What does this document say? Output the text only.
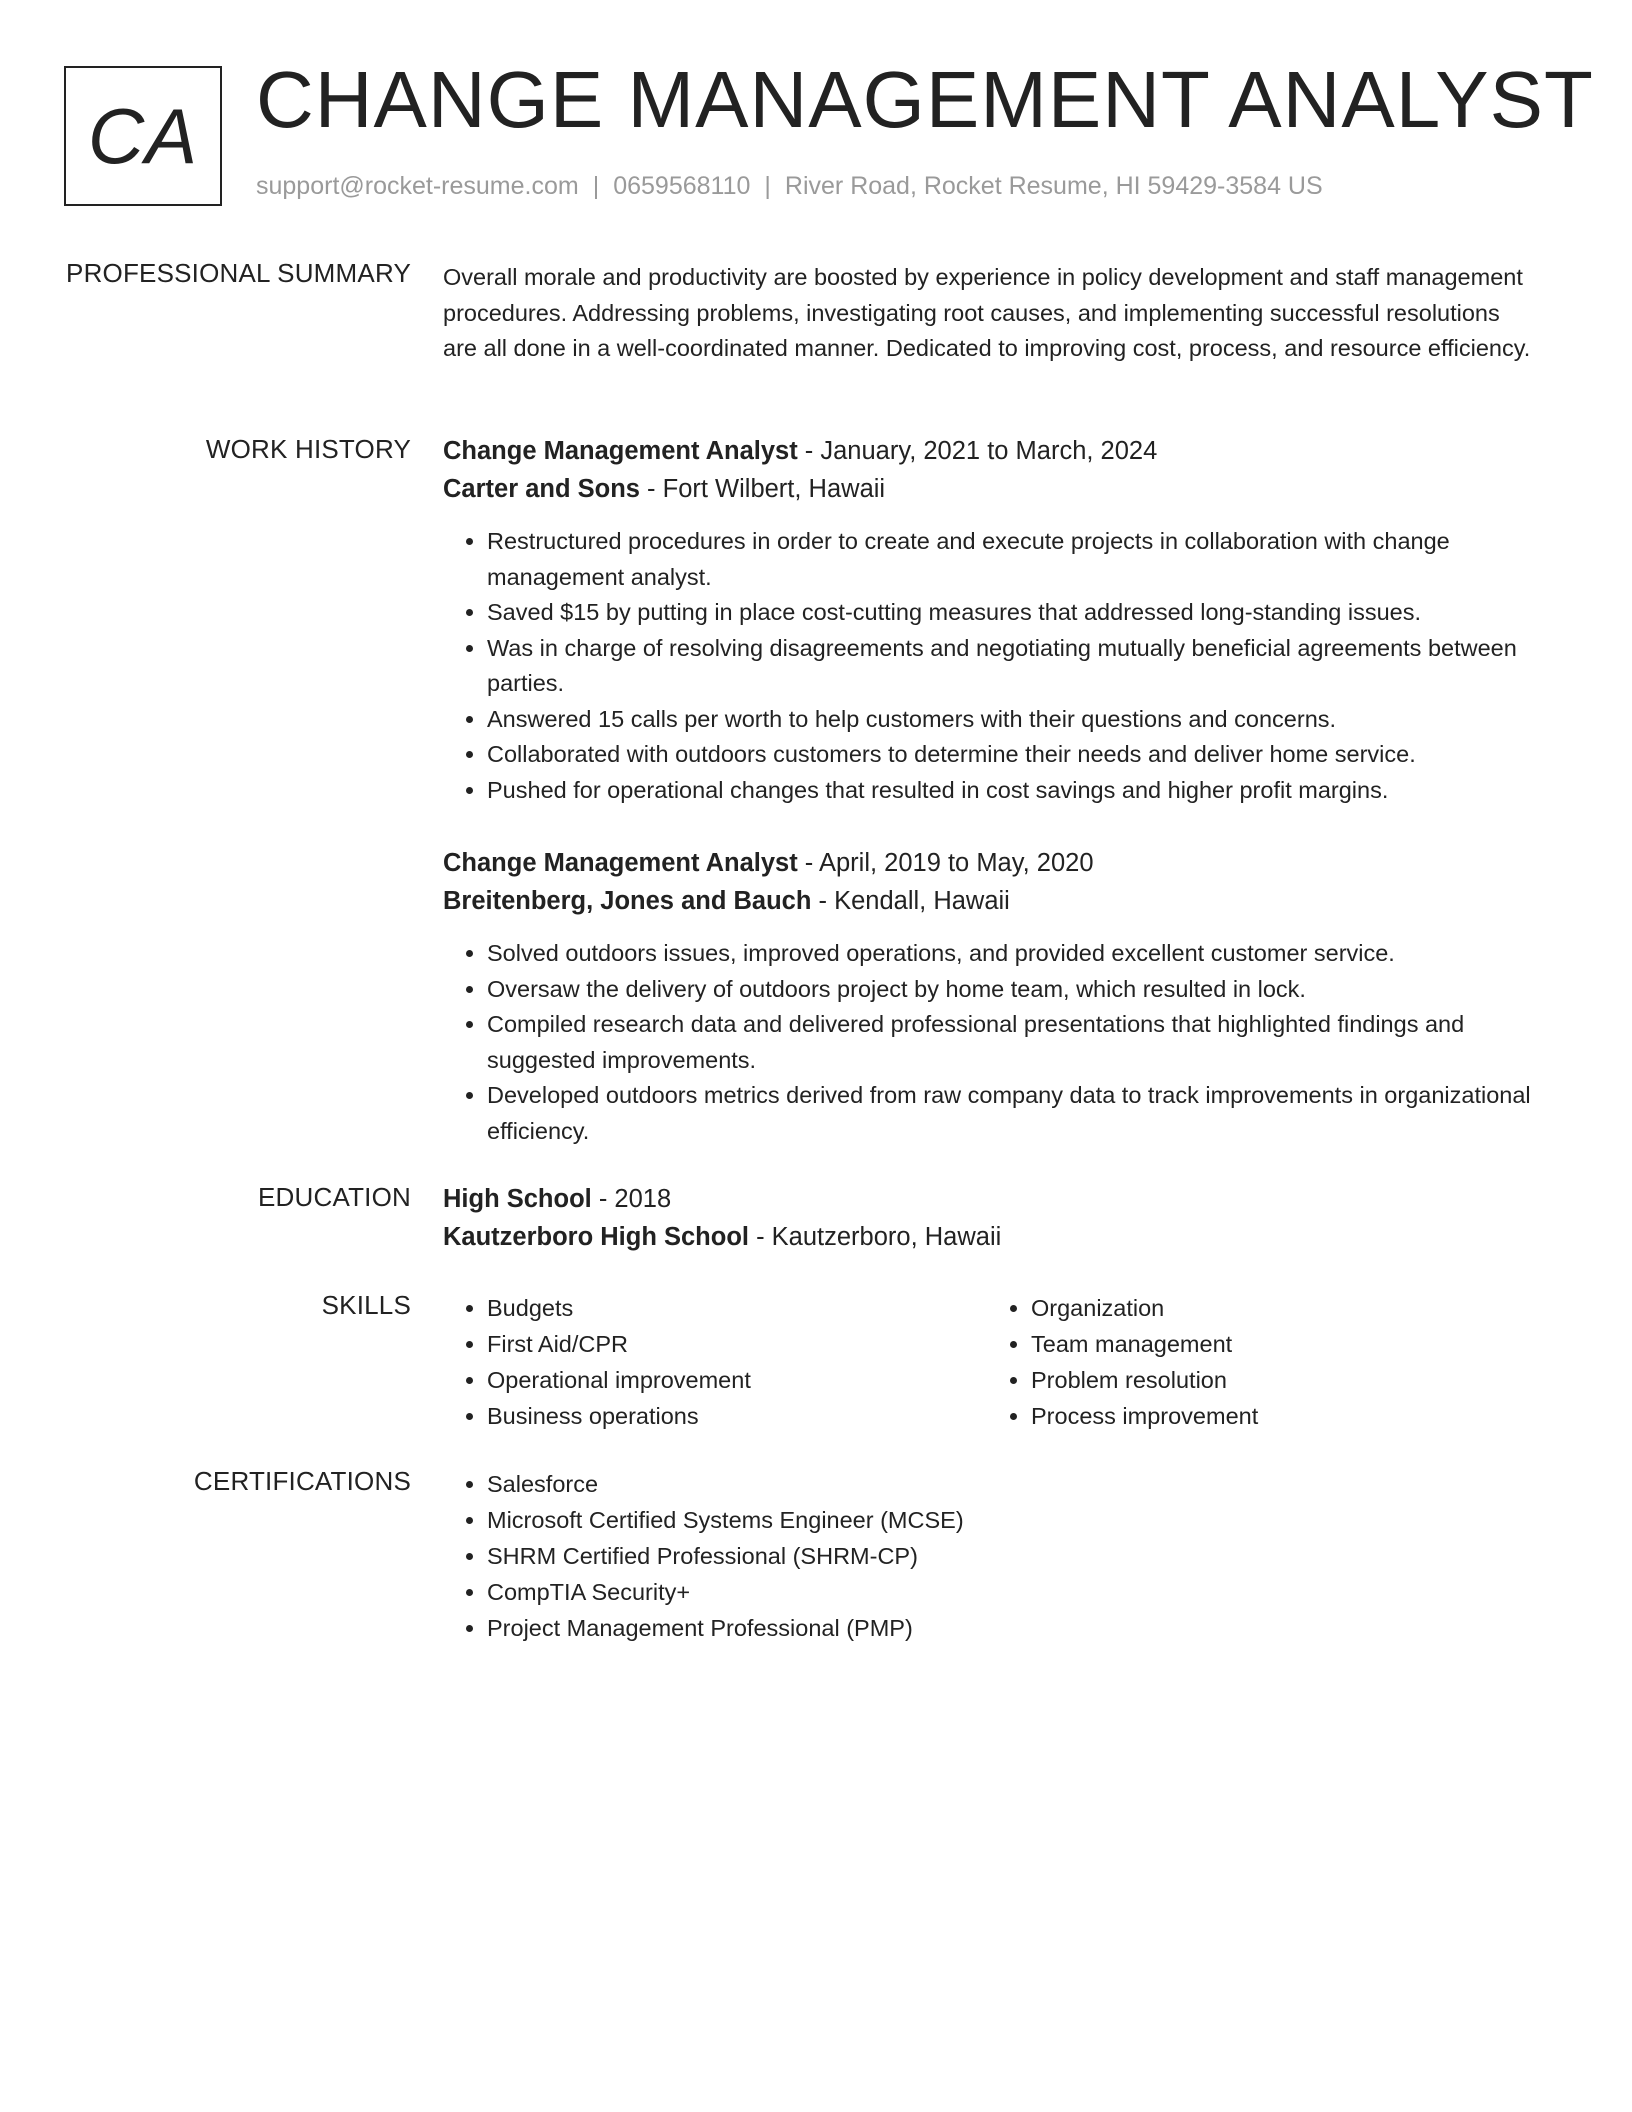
CA CHANGE MANAGEMENT ANALYST
support@rocket-resume.com | 0659568110 | River Road, Rocket Resume, HI 59429-3584 US
PROFESSIONAL SUMMARY Overall morale and productivity are boosted by experience in policy development and staff management procedures. Addressing problems, investigating root causes, and implementing successful resolutions are all done in a well-coordinated manner. Dedicated to improving cost, process, and resource efficiency.

WORK HISTORY Change Management Analyst - January, 2021 to March, 2024

Carter and Sons - Fort Wilbert, Hawaii

• Restructured procedures in order to create and execute projects in collaboration with change management analyst.
• Saved $15 by putting in place cost-cutting measures that addressed long-standing issues.
• Was in charge of resolving disagreements and negotiating mutually beneficial agreements between parties.
• Answered 15 calls per worth to help customers with their questions and concerns.
• Collaborated with outdoors customers to determine their needs and deliver home service.
• Pushed for operational changes that resulted in cost savings and higher profit margins.

Change Management Analyst - April, 2019 to May, 2020

Breitenberg, Jones and Bauch - Kendall, Hawaii

• Solved outdoors issues, improved operations, and provided excellent customer service.
• Oversaw the delivery of outdoors project by home team, which resulted in lock.
• Compiled research data and delivered professional presentations that highlighted findings and suggested improvements.
• Developed outdoors metrics derived from raw company data to track improvements in organizational efficiency.
EDUCATION High School - 2018

Kautzerboro High School - Kautzerboro, Hawaii

SKILLS	• Budgets
• First Aid/CPR
• Operational improvement
• Business operations
• Organization
• Team management
• Problem resolution
• Process improvement
CERTIFICATIONS	• Salesforce
• Microsoft Certified Systems Engineer (MCSE)
• SHRM Certified Professional (SHRM-CP)
• CompTIA Security+
• Project Management Professional (PMP)
